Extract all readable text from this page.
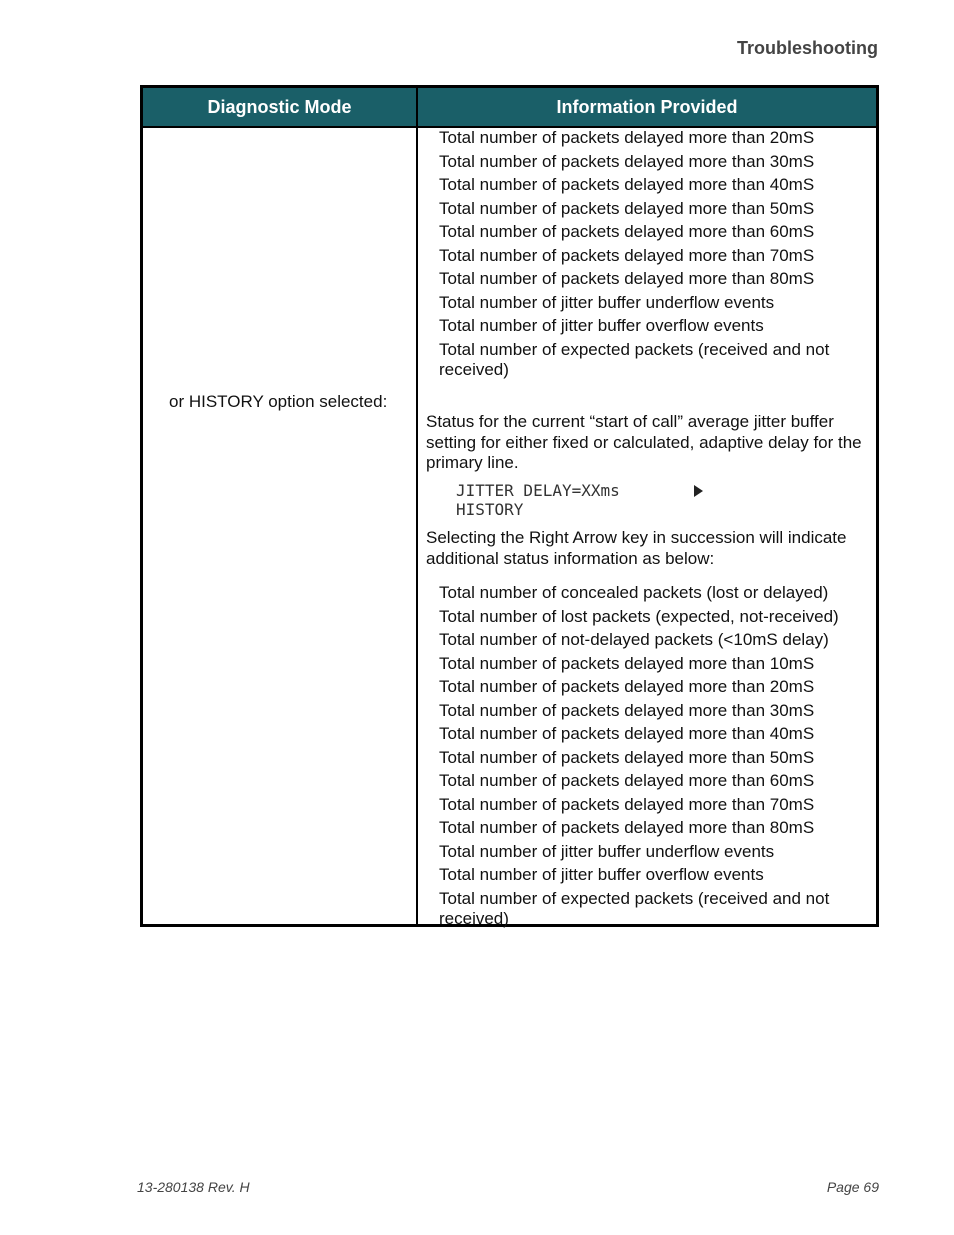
Troubleshooting
Diagnostic Mode	Information Provided
or HISTORY option selected:
Total number of packets delayed more than 20mS
Total number of packets delayed more than 30mS
Total number of packets delayed more than 40mS
Total number of packets delayed more than 50mS
Total number of packets delayed more than 60mS
Total number of packets delayed more than 70mS
Total number of packets delayed more than 80mS
Total number of jitter buffer underflow events
Total number of jitter buffer overflow events
Total number of expected packets (received and not received)

Status for the current “start of call” average jitter buffer setting for either fixed or calculated, adaptive delay for the primary line.

JITTER DELAY=XXms
HISTORY

Selecting the Right Arrow key in succession will indicate additional status information as below:

Total number of concealed packets (lost or delayed)
Total number of lost packets (expected, not-received)
Total number of not-delayed packets (<10mS delay)
Total number of packets delayed more than 10mS
Total number of packets delayed more than 20mS
Total number of packets delayed more than 30mS
Total number of packets delayed more than 40mS
Total number of packets delayed more than 50mS
Total number of packets delayed more than 60mS
Total number of packets delayed more than 70mS
Total number of packets delayed more than 80mS
Total number of jitter buffer underflow events
Total number of jitter buffer overflow events
Total number of expected packets (received and not received)
13-280138 Rev. H	Page 69
